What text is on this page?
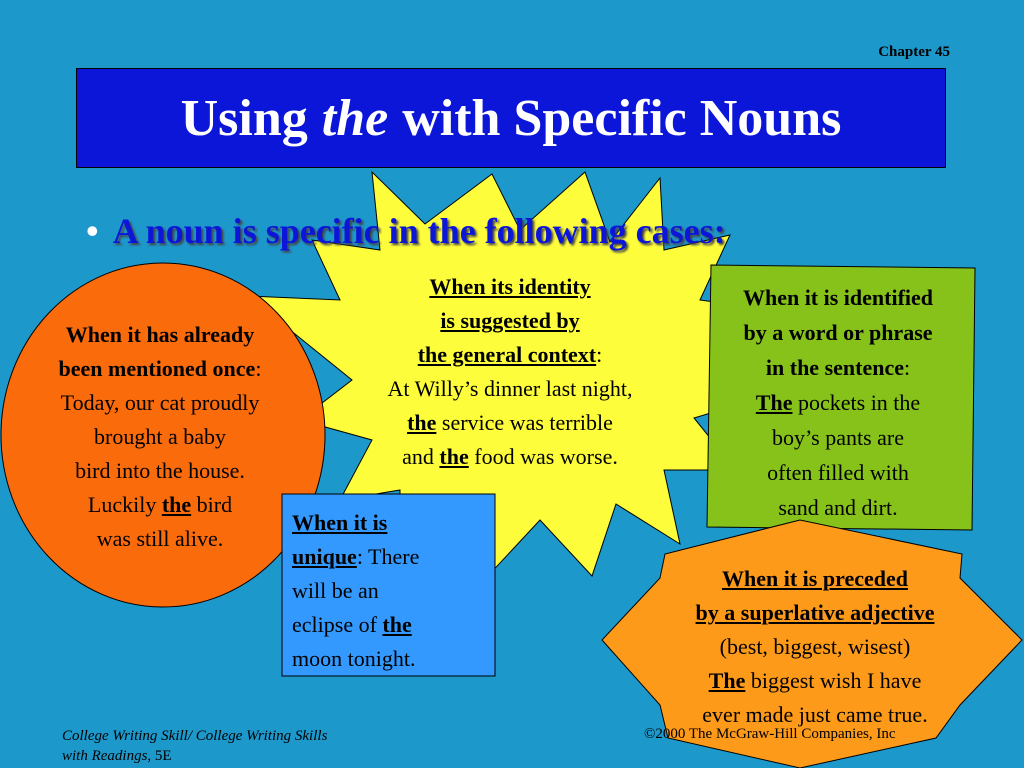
Chapter 45
Using the with Specific Nouns
• A noun is specific in the following cases:
When it has already
been mentioned once:
Today, our cat proudly
brought a baby
bird into the house.
Luckily the bird
was still alive.
When its identity
is suggested by
the general context:
At Willy’s dinner last night,
the service was terrible
and the food was worse.
When it is identified
by a word or phrase
in the sentence:
The pockets in the
boy’s pants are
often filled with
sand and dirt.
When it is
unique: There
will be an
eclipse of the
moon tonight.
When it is preceded
by a superlative adjective
(best, biggest, wisest)
The biggest wish I have
ever made just came true.
College Writing Skill/ College Writing Skills
with Readings, 5E
©2000 The McGraw-Hill Companies, Inc
